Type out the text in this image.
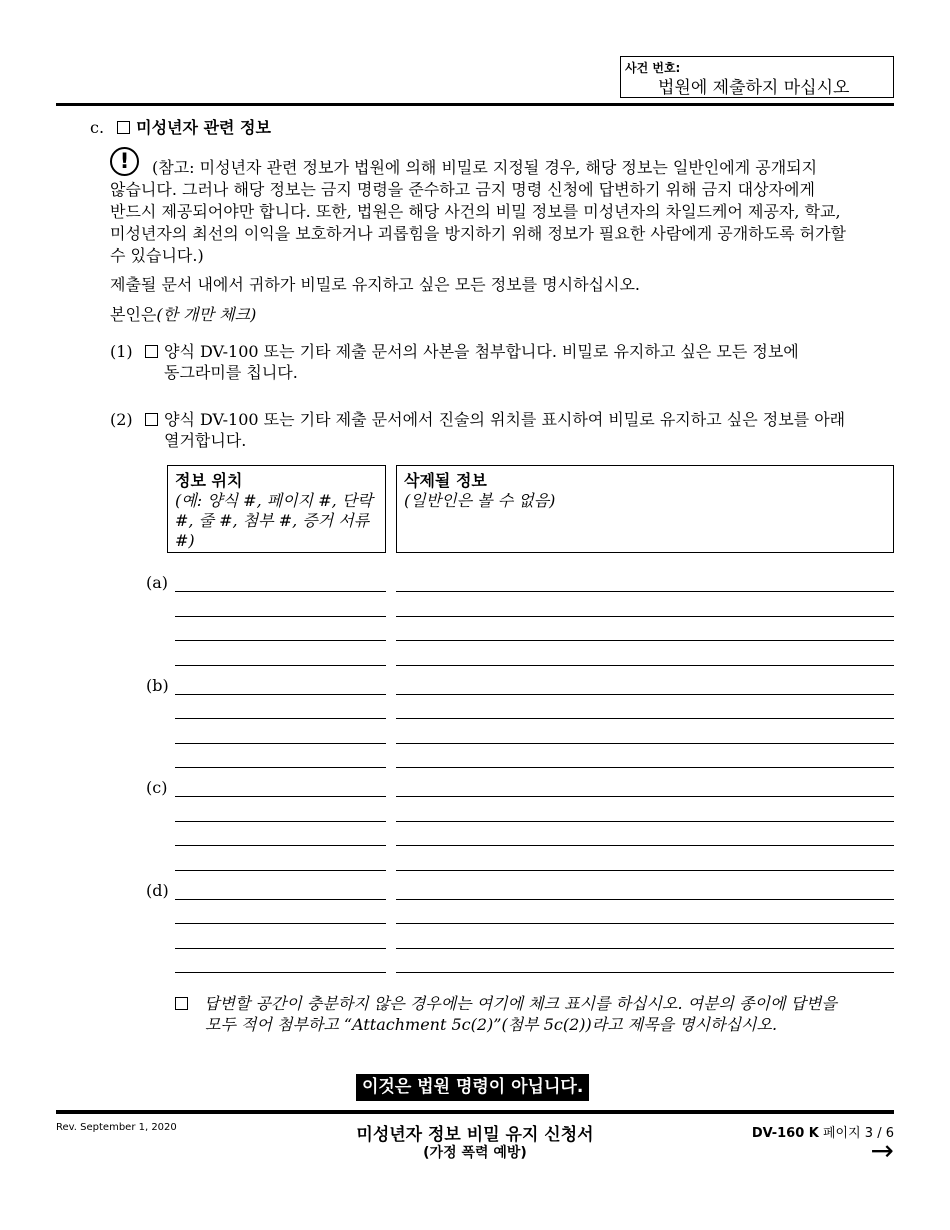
사건 번호:
법원에 제출하지 마십시오
c. 미성년자 관련 정보
!	(참고: 미성년자 관련 정보가 법원에 의해 비밀로 지정될 경우, 해당 정보는 일반인에게 공개되지
않습니다. 그러나 해당 정보는 금지 명령을 준수하고 금지 명령 신청에 답변하기 위해 금지 대상자에게
반드시 제공되어야만 합니다. 또한, 법원은 해당 사건의 비밀 정보를 미성년자의 차일드케어 제공자, 학교,
미성년자의 최선의 이익을 보호하거나 괴롭힘을 방지하기 위해 정보가 필요한 사람에게 공개하도록 허가할
수 있습니다.)
제출될 문서 내에서 귀하가 비밀로 유지하고 싶은 모든 정보를 명시하십시오.
본인은(한 개만 체크)
(1)	양식 DV-100 또는 기타 제출 문서의 사본을 첨부합니다. 비밀로 유지하고 싶은 모든 정보에
동그라미를 칩니다.
(2)	양식 DV-100 또는 기타 제출 문서에서 진술의 위치를 표시하여 비밀로 유지하고 싶은 정보를 아래
열거합니다.
정보 위치
(예: 양식 #, 페이지 #, 단락
#, 줄 #, 첨부 #, 증거 서류 #)
삭제될 정보
(일반인은 볼 수 없음)
(a)
(b)
(c)
(d)
답변할 공간이 충분하지 않은 경우에는 여기에 체크 표시를 하십시오. 여분의 종이에 답변을
모두 적어 첨부하고 “Attachment 5c(2)”(첨부 5c(2))라고 제목을 명시하십시오.
이것은 법원 명령이 아닙니다.
Rev. September 1, 2020	미성년자 정보 비밀 유지 신청서
(가정 폭력 예방)
DV-160 K 페이지 3 / 6
→
